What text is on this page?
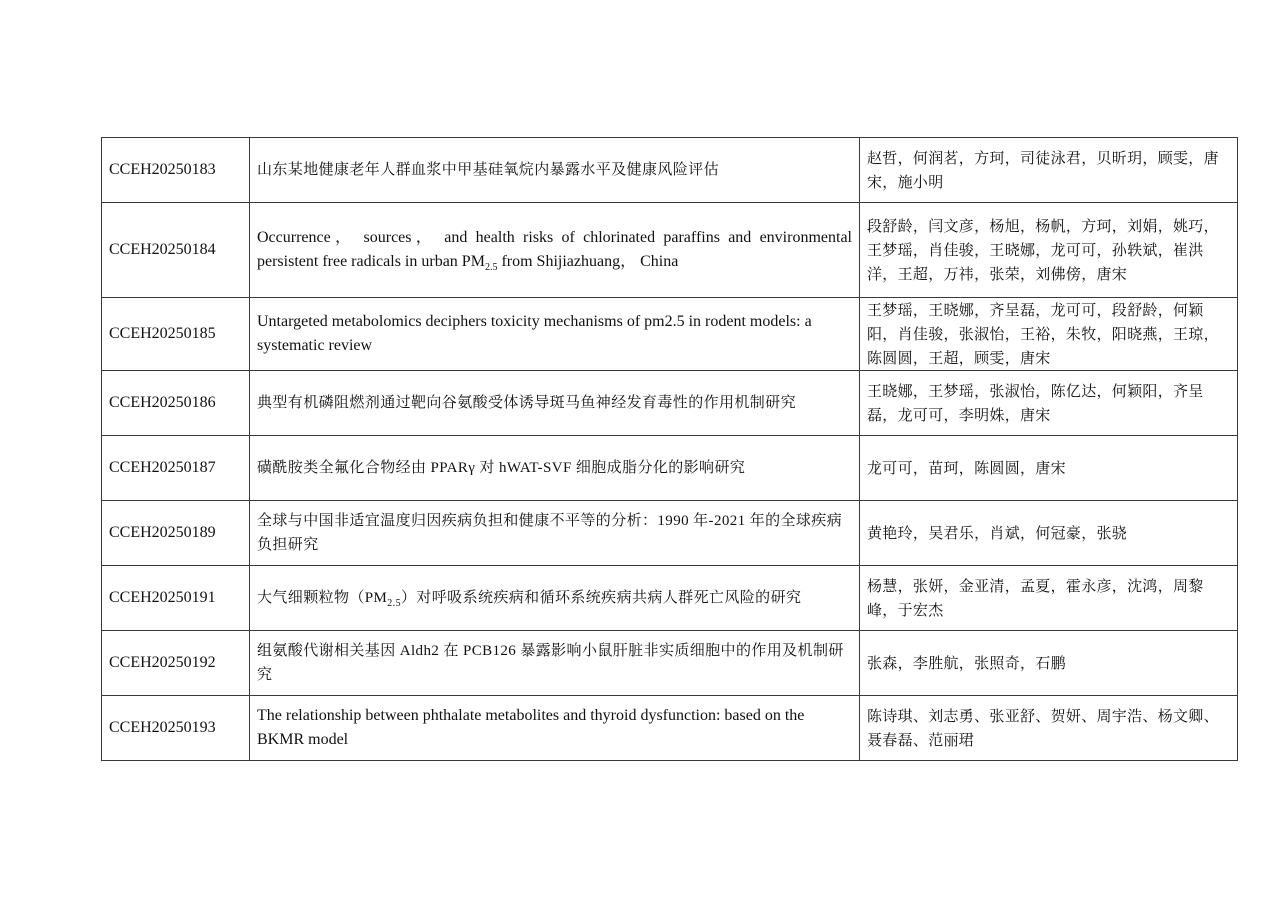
CCEH20250183	山东某地健康老年人群血浆中甲基硅氧烷内暴露水平及健康风险评估	赵哲，何润茗，方珂，司徒泳君，贝昕玥，顾雯，唐宋，施小明
CCEH20250184	Occurrence， sources， and health risks of chlorinated paraffins and environmental persistent free radicals in urban $PM_{2.5}$ from Shijiazhuang， China	段舒龄，闫文彦，杨旭，杨帆，方珂，刘娟，姚巧，王梦瑶，肖佳骏，王晓娜，龙可可，孙轶斌，崔洪洋，王超，万祎，张荣，刘佛傍，唐宋
CCEH20250185	Untargeted metabolomics deciphers toxicity mechanisms of pm2.5 in rodent models: a systematic review	王梦瑶，王晓娜，齐呈磊，龙可可，段舒龄，何颖阳，肖佳骏，张淑怡，王裕，朱牧，阳晓燕，王琼，陈圆圆，王超，顾雯，唐宋
CCEH20250186	典型有机磷阻燃剂通过靶向谷氨酸受体诱导斑马鱼神经发育毒性的作用机制研究	王晓娜，王梦瑶，张淑怡，陈亿达，何颖阳，齐呈磊，龙可可，李明姝，唐宋
CCEH20250187	磺酰胺类全氟化合物经由 PPARγ 对 hWAT-SVF 细胞成脂分化的影响研究	龙可可，苗珂，陈圆圆，唐宋
CCEH20250189	全球与中国非适宜温度归因疾病负担和健康不平等的分析：1990 年-2021 年的全球疾病负担研究	黄艳玲，吴君乐，肖斌，何冠豪，张骁
CCEH20250191	大气细颗粒物$(PM_{2.5})$对呼吸系统疾病和循环系统疾病共病人群死亡风险的研究	杨慧，张妍，金亚清，孟夏，霍永彦，沈鸿，周黎峰，于宏杰
CCEH20250192	组氨酸代谢相关基因 Aldh2 在 PCB126 暴露影响小鼠肝脏非实质细胞中的作用及机制研究	张森，李胜航，张照奇，石鹏
CCEH20250193	The relationship between phthalate metabolites and thyroid dysfunction: based on the BKMR model	陈诗琪、刘志勇、张亚舒、贺妍、周宇浩、杨文卿、聂春磊、范丽珺
